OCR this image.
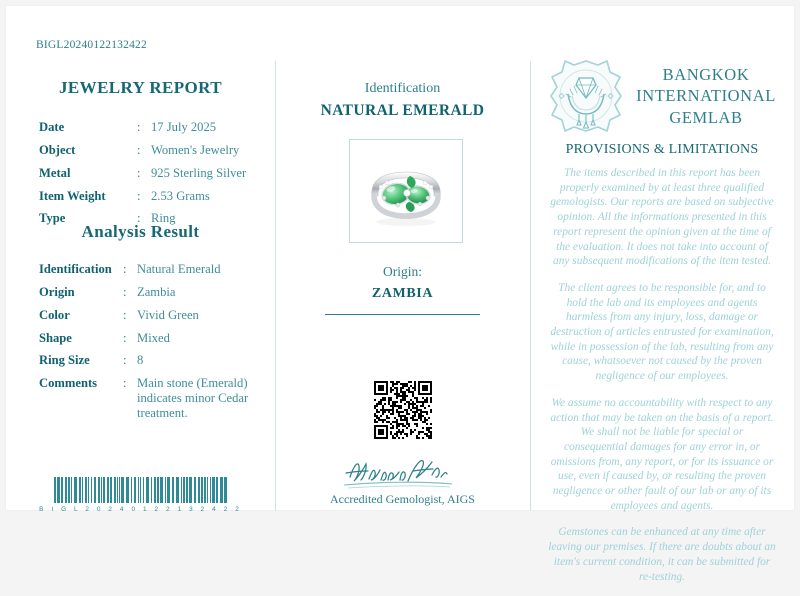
BIGL20240122132422
JEWELRY REPORT
Date	:	17 July 2025
Object	:	Women's Jewelry
Metal	:	925 Sterling Silver
Item Weight	:	2.53 Grams
Type	:	Ring
Analysis Result
Identification	:	Natural Emerald
Origin	:	Zambia
Color	:	Vivid Green
Shape	:	Mixed
Ring Size	:	8
Comments	:	Main stone (Emerald) indicates minor Cedar treatment.
B I G L 2 0 2 4 0 1 2 2 1 3 2 4 2 2
Identification
NATURAL EMERALD
Origin:
ZAMBIA
Accredited Gemologist, AIGS
BANGKOK INTERNATIONAL GEMLAB
PROVISIONS & LIMITATIONS

The items described in this report has been properly examined by at least three qualified gemologists. Our reports are based on subjective opinion. All the informations presented in this report represent the opinion given at the time of the evaluation. It does not take into account of any subsequent modifications of the item tested.

The client agrees to be responsible for, and to hold the lab and its employees and agents harmless from any injury, loss, damage or destruction of articles entrusted for examination, while in possession of the lab, resulting from any cause, whatsoever not caused by the proven negligence of our employees.

We assume no accountability with respect to any action that may be taken on the basis of a report. We shall not be liable for special or consequential damages for any error in, or omissions from, any report, or for its issuance or use, even if caused by, or resulting the proven negligence or other fault of our lab or any of its employees and agents.

Gemstones can be enhanced at any time after leaving our premises. If there are doubts about an item's current condition, it can be submitted for re-testing.
